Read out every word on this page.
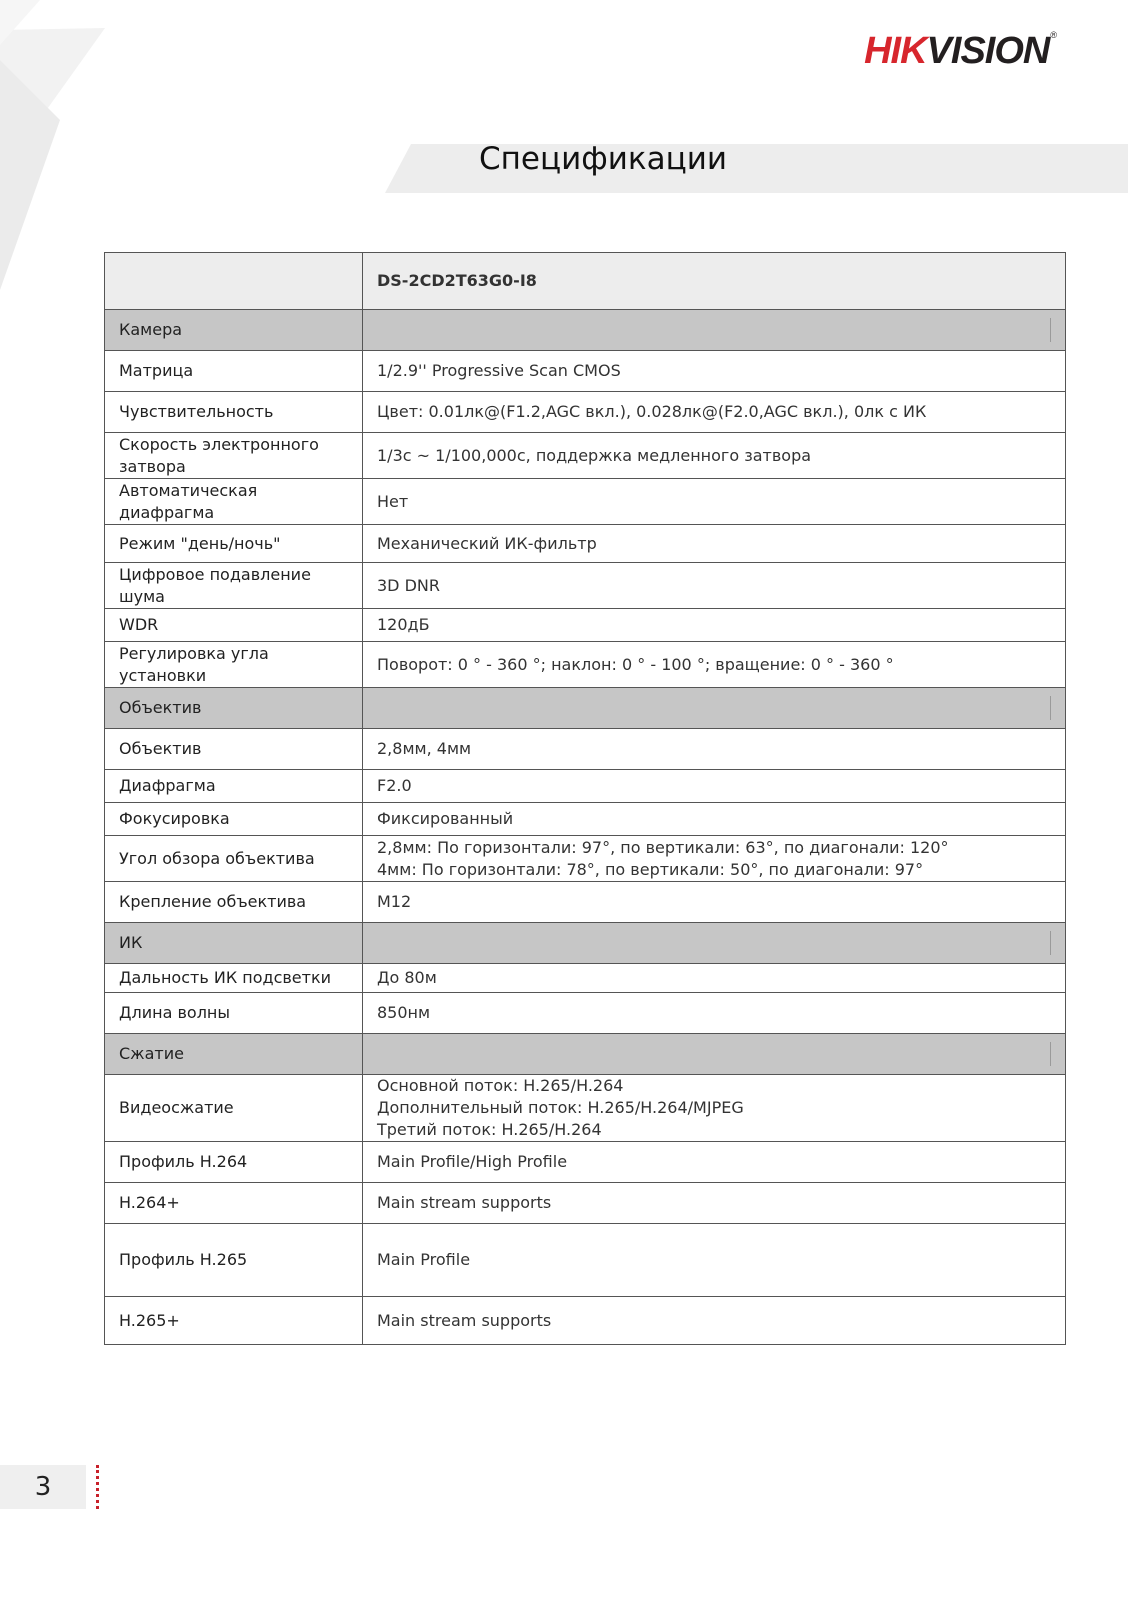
HIKVISION®
Спецификации
	DS-2CD2T63G0-I8
Камера	
Матрица	1/2.9'' Progressive Scan CMOS
Чувствительность	Цвет: 0.01лк@(F1.2,AGC вкл.), 0.028лк@(F2.0,AGC вкл.), 0лк с ИК
Скорость электронного затвора	1/3с ~ 1/100,000с, поддержка медленного затвора
Автоматическая диафрагма	Нет
Режим "день/ночь"	Механический ИК-фильтр
Цифровое подавление шума	3D DNR
WDR	120дБ
Регулировка угла установки	Поворот: 0 ° - 360 °; наклон: 0 ° - 100 °; вращение: 0 ° - 360 °
Объектив	
Объектив	2,8мм, 4мм
Диафрагма	F2.0
Фокусировка	Фиксированный
Угол обзора объектива	2,8мм: По горизонтали: 97°, по вертикали: 63°, по диагонали: 120°
4мм: По горизонтали: 78°, по вертикали: 50°, по диагонали: 97°
Крепление объектива	M12
ИК	
Дальность ИК подсветки	До 80м
Длина волны	850нм
Сжатие	
Видеосжатие	Основной поток: H.265/H.264
Дополнительный поток: H.265/H.264/MJPEG
Третий поток: H.265/H.264
Профиль H.264	Main Profile/High Profile
H.264+	Main stream supports
Профиль H.265	Main Profile
H.265+	Main stream supports
3
